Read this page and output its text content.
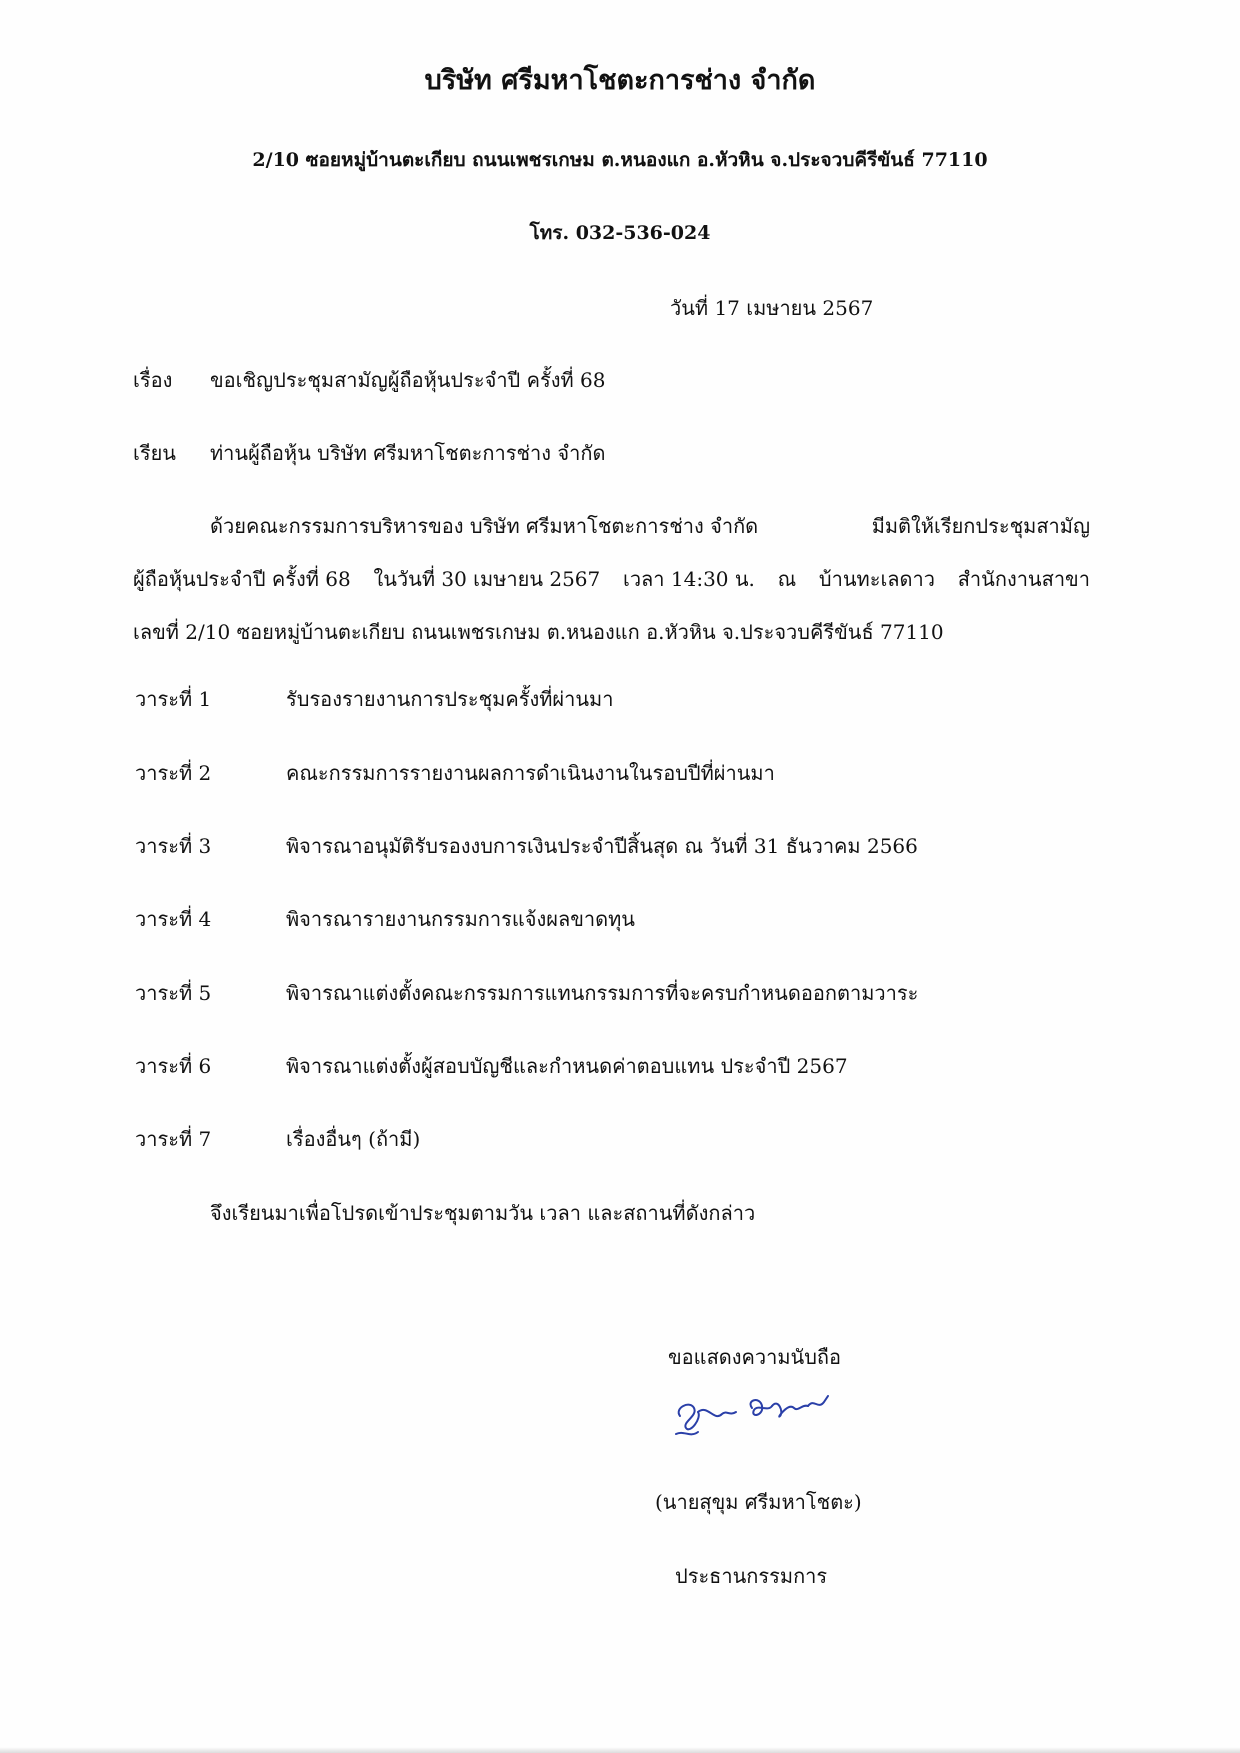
บริษัท ศรีมหาโชตะการช่าง จำกัด
2/10 ซอยหมู่บ้านตะเกียบ ถนนเพชรเกษม ต.หนองแก อ.หัวหิน จ.ประจวบคีรีขันธ์ 77110
โทร. 032-536-024
วันที่ 17 เมษายน 2567
เรื่อง ขอเชิญประชุมสามัญผู้ถือหุ้นประจำปี ครั้งที่ 68
เรียน ท่านผู้ถือหุ้น บริษัท ศรีมหาโชตะการช่าง จำกัด
ด้วยคณะกรรมการบริหารของ บริษัท ศรีมหาโชตะการช่าง จำกัด	มีมติให้เรียกประชุมสามัญ
ผู้ถือหุ้นประจำปี ครั้งที่ 68 ในวันที่ 30 เมษายน 2567 เวลา 14:30 น. ณ บ้านทะเลดาว สำนักงานสาขา
เลขที่ 2/10 ซอยหมู่บ้านตะเกียบ ถนนเพชรเกษม ต.หนองแก อ.หัวหิน จ.ประจวบคีรีขันธ์ 77110
วาระที่ 1	รับรองรายงานการประชุมครั้งที่ผ่านมา
วาระที่ 2	คณะกรรมการรายงานผลการดำเนินงานในรอบปีที่ผ่านมา
วาระที่ 3	พิจารณาอนุมัติรับรองงบการเงินประจำปีสิ้นสุด ณ วันที่ 31 ธันวาคม 2566
วาระที่ 4	พิจารณารายงานกรรมการแจ้งผลขาดทุน
วาระที่ 5	พิจารณาแต่งตั้งคณะกรรมการแทนกรรมการที่จะครบกำหนดออกตามวาระ
วาระที่ 6	พิจารณาแต่งตั้งผู้สอบบัญชีและกำหนดค่าตอบแทน ประจำปี 2567
วาระที่ 7	เรื่องอื่นๆ (ถ้ามี)
จึงเรียนมาเพื่อโปรดเข้าประชุมตามวัน เวลา และสถานที่ดังกล่าว
ขอแสดงความนับถือ
(นายสุขุม ศรีมหาโชตะ)
ประธานกรรมการ
